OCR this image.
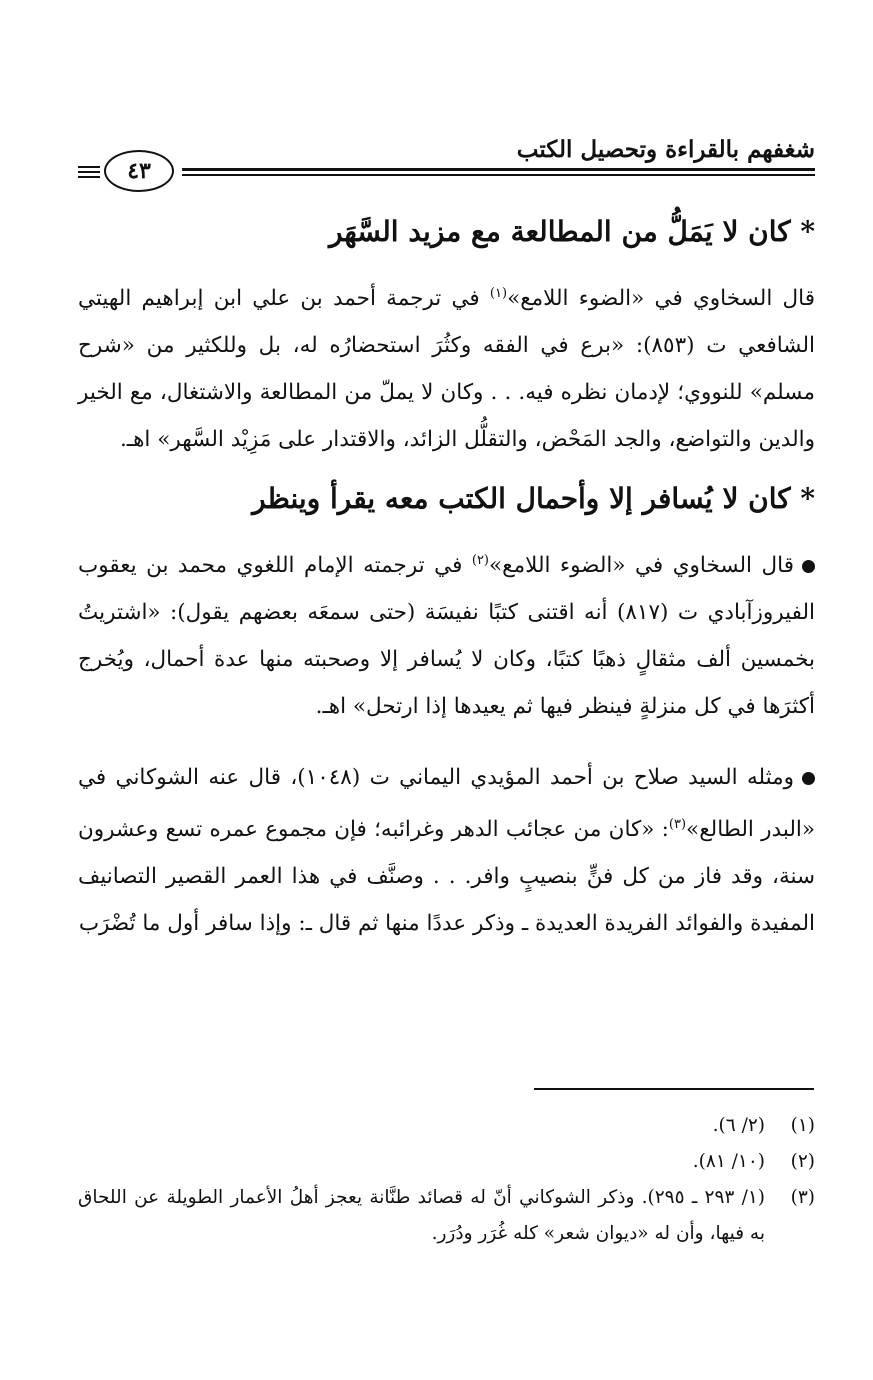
شغفهم بالقراءة وتحصيل الكتب
٤٣
* كان لا يَمَلُّ من المطالعة مع مزيد السَّهَر

قال السخاوي في «الضوء اللامع»$^{(١)}$ في ترجمة أحمد بن علي ابن إبراهيم الهيتي الشافعي ت (٨٥٣): «برع في الفقه وكثُرَ استحضارُه له، بل وللكثير من «شرح مسلم» للنووي؛ لإدمان نظره فيه. . . وكان لا يملّ من المطالعة والاشتغال، مع الخير والدين والتواضع، والجد المَحْض، والتقلُّل الزائد، والاقتدار على مَزِيْد السَّهر» اهـ.

* كان لا يُسافر إلا وأحمال الكتب معه يقرأ وينظر

قال السخاوي في «الضوء اللامع»$^{(٢)}$ في ترجمته الإمام اللغوي محمد بن يعقوب الفيروزآبادي ت (٨١٧) أنه اقتنى كتبًا نفيسَة (حتى سمعَه بعضهم يقول): «اشتريتُ بخمسين ألف مثقالٍ ذهبًا كتبًا، وكان لا يُسافر إلا وصحبته منها عدة أحمال، ويُخرج أكثرَها في كل منزلةٍ فينظر فيها ثم يعيدها إذا ارتحل» اهـ.

ومثله السيد صلاح بن أحمد المؤيدي اليماني ت (١٠٤٨)، قال عنه الشوكاني في «البدر الطالع»$^{(٣)}$: «كان من عجائب الدهر وغرائبه؛ فإن مجموع عمره تسع وعشرون سنة، وقد فاز من كل فنٍّ بنصيبٍ وافر. . . وصنَّف في هذا العمر القصير التصانيف المفيدة والفوائد الفريدة العديدة ـ وذكر عددًا منها ثم قال ـ: وإذا سافر أول ما تُضْرَب

(١)
(٢/ ٦).
(٢)
(١٠/ ٨١).
(٣)
(١/ ٢٩٣ ـ ٢٩٥). وذكر الشوكاني أنّ له قصائد طنَّانة يعجز أهلُ الأعمار الطويلة عن اللحاق به فيها، وأن له «ديوان شعر» كله غُرَر ودُرَر.
